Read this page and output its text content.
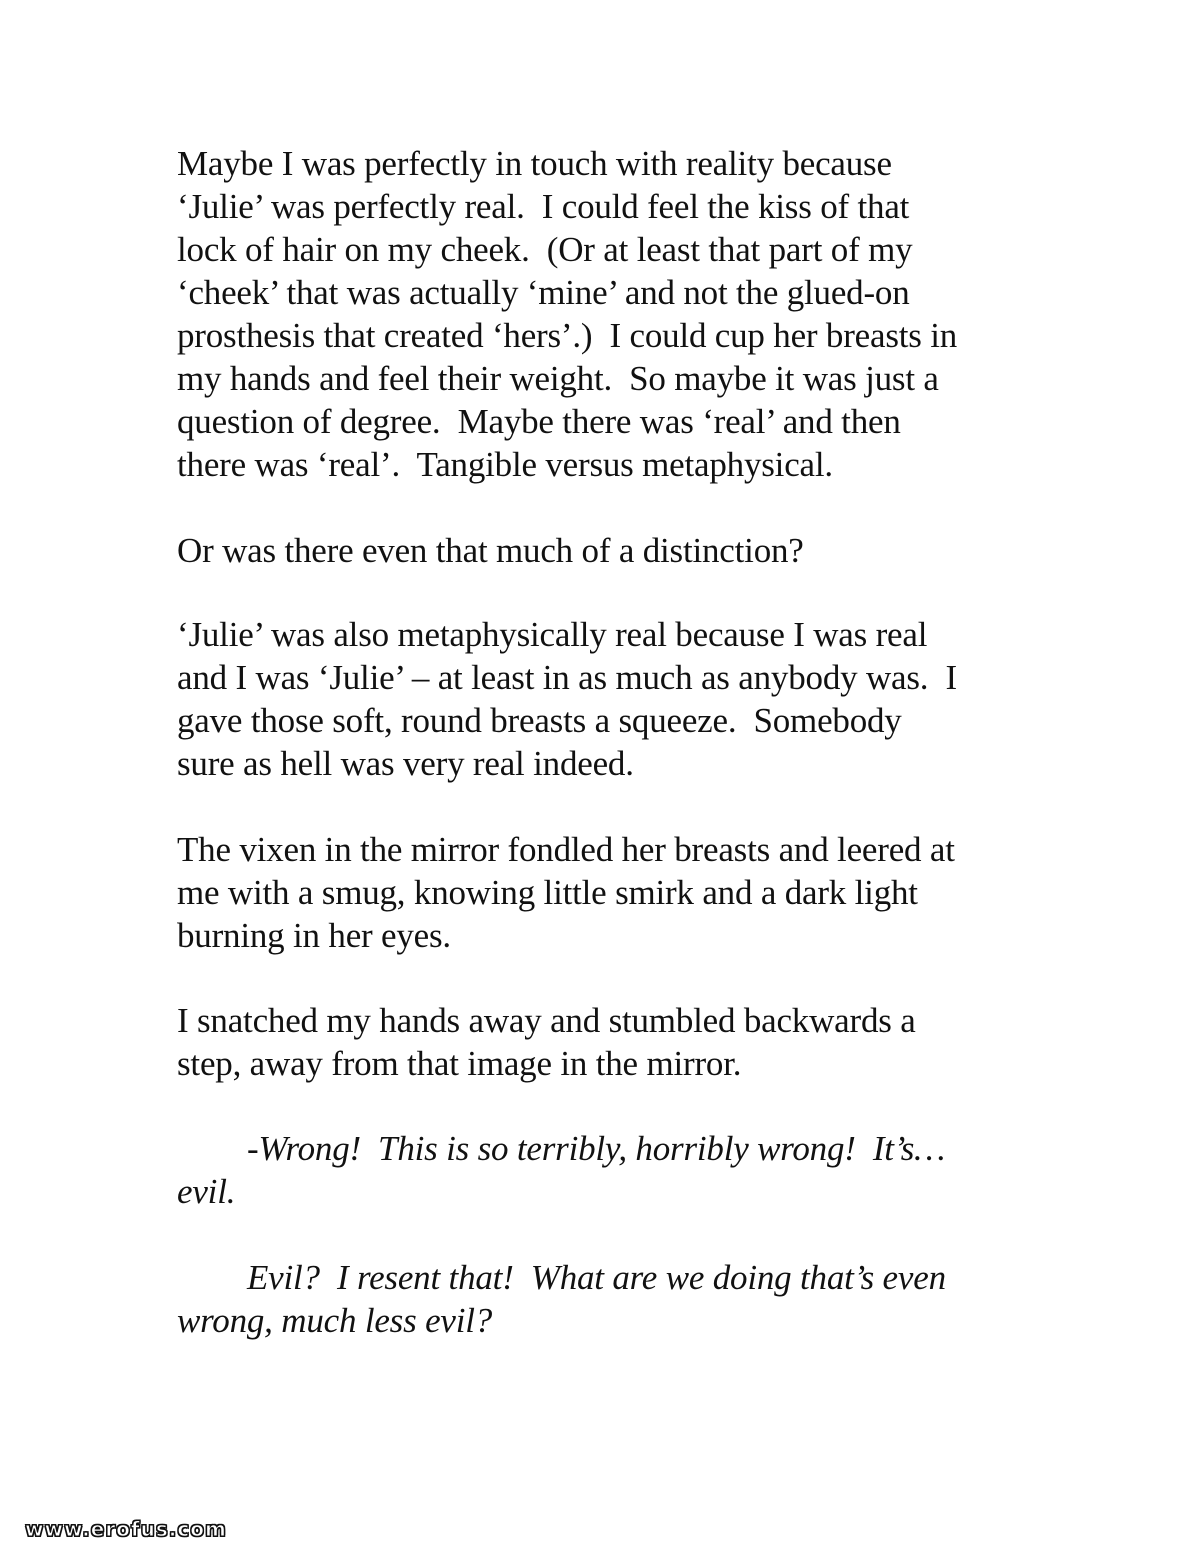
Maybe I was perfectly in touch with reality because
‘Julie’ was perfectly real.  I could feel the kiss of that
lock of hair on my cheek.  (Or at least that part of my
‘cheek’ that was actually ‘mine’ and not the glued-on
prosthesis that created ‘hers’.)  I could cup her breasts in
my hands and feel their weight.  So maybe it was just a
question of degree.  Maybe there was ‘real’ and then
there was ‘real’.  Tangible versus metaphysical.
Or was there even that much of a distinction?
‘Julie’ was also metaphysically real because I was real
and I was ‘Julie’ – at least in as much as anybody was.  I
gave those soft, round breasts a squeeze.  Somebody
sure as hell was very real indeed.
The vixen in the mirror fondled her breasts and leered at
me with a smug, knowing little smirk and a dark light
burning in her eyes.
I snatched my hands away and stumbled backwards a
step, away from that image in the mirror.
-Wrong!  This is so terribly, horribly wrong!  It’s…
evil.
Evil?  I resent that!  What are we doing that’s even
wrong, much less evil?
www.erofus.com
